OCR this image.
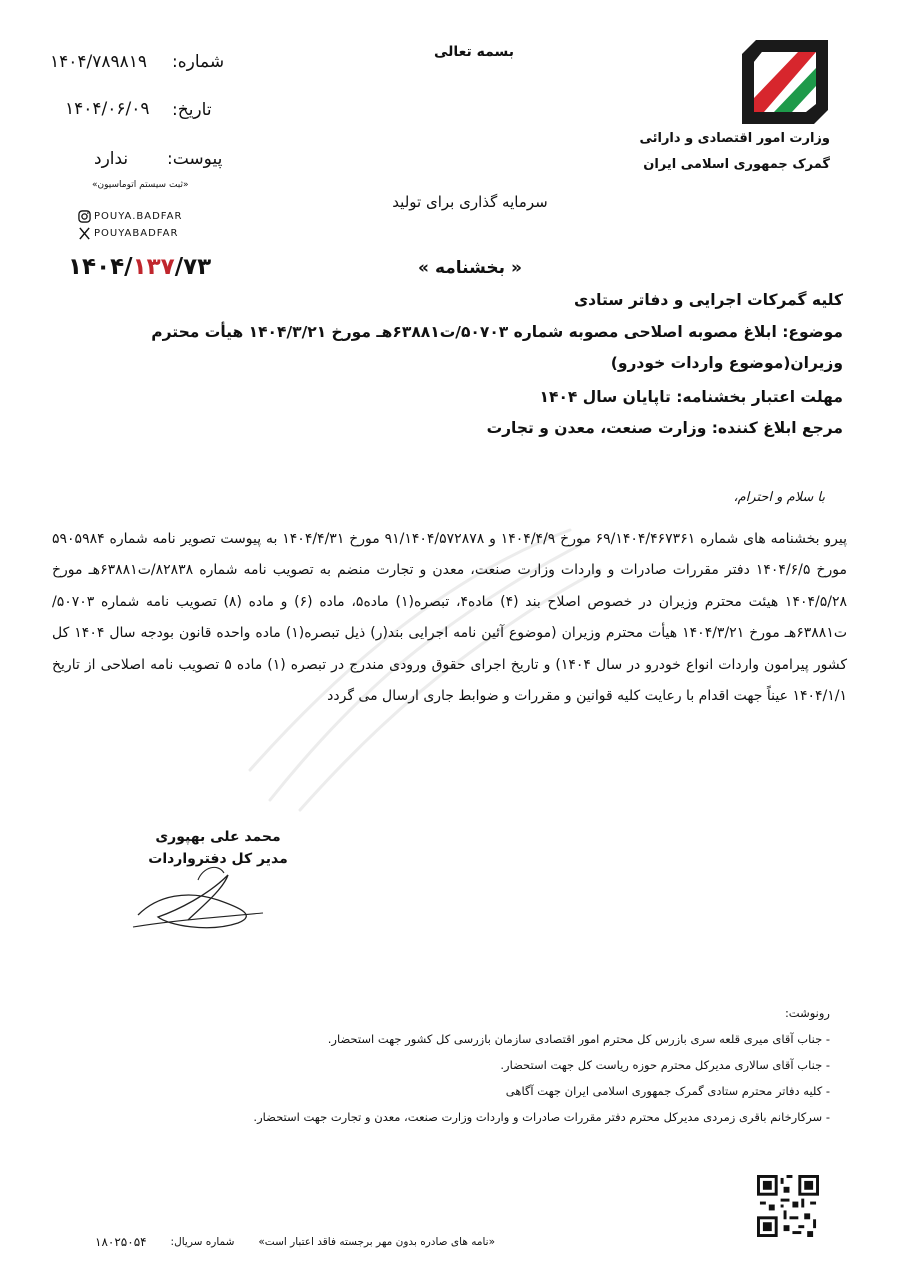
وزارت امور اقتصادی و دارائی
گمرک جمهوری اسلامی ایران
بسمه تعالی
شماره:
۱۴۰۴/۷۸۹۸۱۹
تاریخ:
۱۴۰۴/۰۶/۰۹
پیوست:
ندارد
«ثبت سیستم اتوماسیون»
POUYA.BADFAR
POUYABADFAR
۱۴۰۴/۱۳۷/۷۳
سرمایه گذاری برای تولید
« بخشنامه »
کلیه گمرکات اجرایی و دفاتر ستادی
موضوع: ابلاغ مصوبه اصلاحی مصوبه شماره ۵۰۷۰۳/ت۶۳۸۸۱هـ مورخ ۱۴۰۴/۳/۲۱ هیأت محترم وزیران(موضوع واردات خودرو)
مهلت اعتبار بخشنامه: تاپایان سال ۱۴۰۴
مرجع ابلاغ کننده: وزارت صنعت، معدن و تجارت
با سلام و احترام،
پیرو بخشنامه های شماره ۶۹/۱۴۰۴/۴۶۷۳۶۱ مورخ ۱۴۰۴/۴/۹ و ۹۱/۱۴۰۴/۵۷۲۸۷۸ مورخ ۱۴۰۴/۴/۳۱ به پیوست تصویر نامه شماره ۵۹۰۵۹۸۴ مورخ ۱۴۰۴/۶/۵ دفتر مقررات صادرات و واردات وزارت صنعت، معدن و تجارت منضم به تصویب نامه شماره ۸۲۸۳۸/ت۶۳۸۸۱هـ مورخ ۱۴۰۴/۵/۲۸ هیئت محترم وزیران در خصوص اصلاح بند (۴) ماده۴، تبصره(۱) ماده۵، ماده (۶) و ماده (۸) تصویب نامه شماره ۵۰۷۰۳/ت۶۳۸۸۱هـ مورخ ۱۴۰۴/۳/۲۱ هیأت محترم وزیران (موضوع آئین نامه اجرایی بند(ر) ذیل تبصره(۱) ماده واحده قانون بودجه سال ۱۴۰۴ کل کشور پیرامون واردات انواع خودرو در سال ۱۴۰۴) و تاریخ اجرای حقوق ورودی مندرج در تبصره (۱) ماده ۵ تصویب نامه اصلاحی از تاریخ ۱۴۰۴/۱/۱ عیناً جهت اقدام با رعایت کلیه قوانین و مقررات و ضوابط جاری ارسال می گردد
محمد علی بهپوری
مدیر کل دفترواردات
رونوشت:
- جناب آقای میری قلعه سری بازرس کل محترم امور اقتصادی سازمان بازرسی کل کشور جهت استحضار.
- جناب آقای سالاری مدیرکل محترم حوزه ریاست کل جهت استحضار.
- کلیه دفاتر محترم ستادی گمرک جمهوری اسلامی ایران جهت آگاهی
- سرکارخانم باقری زمردی مدیرکل محترم دفتر مقررات صادرات و واردات وزارت صنعت، معدن و تجارت جهت استحضار.
«نامه های صادره بدون مهر برجسته فاقد اعتبار است»
شماره سریال:
۱۸۰۲۵۰۵۴
